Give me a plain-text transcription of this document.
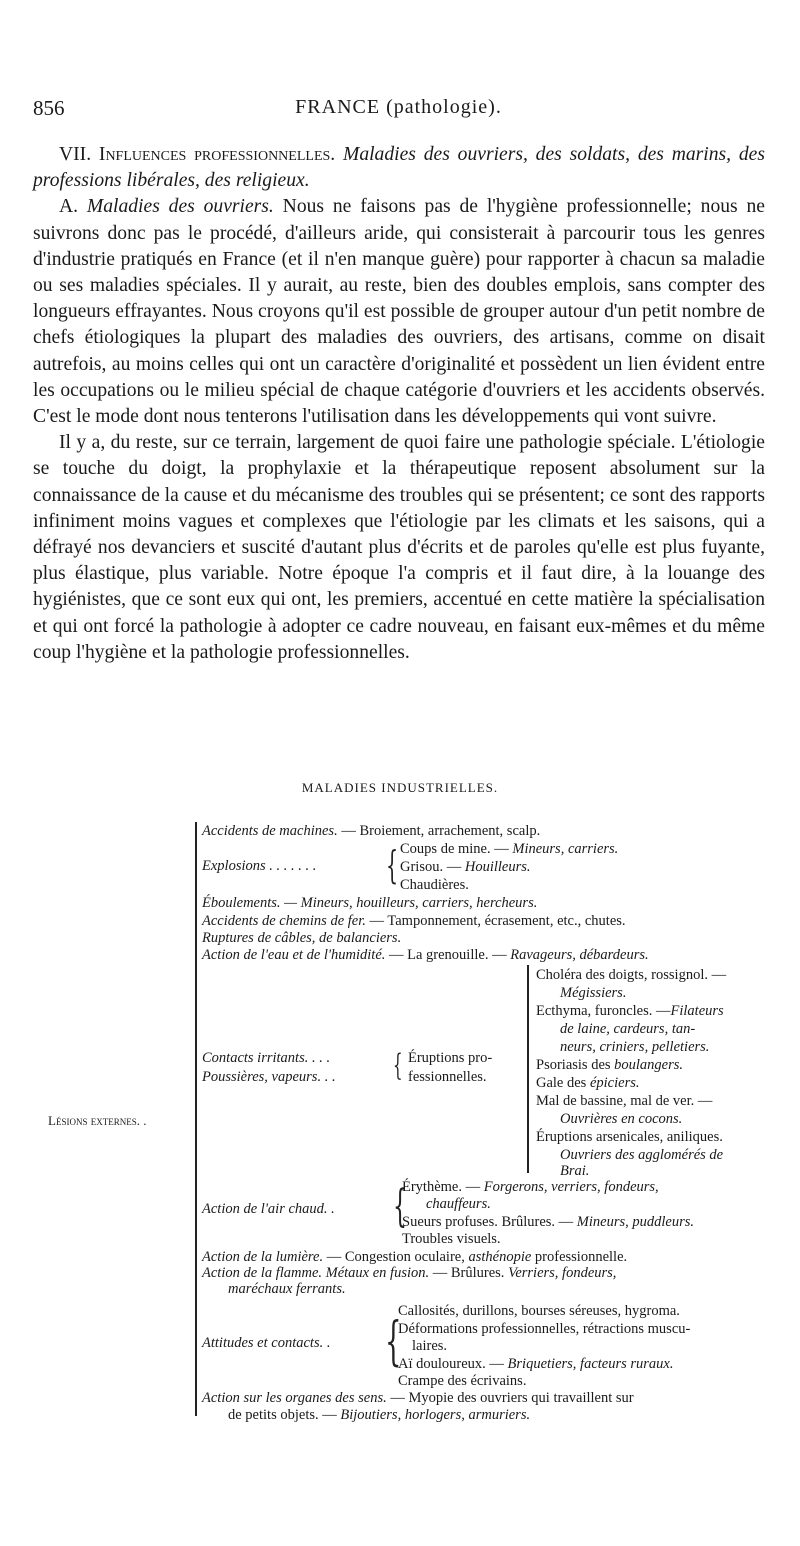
856	FRANCE (pathologie).

VII. Influences professionnelles. Maladies des ouvriers, des soldats, des marins, des professions libérales, des religieux.

A. Maladies des ouvriers. Nous ne faisons pas de l'hygiène professionnelle; nous ne suivrons donc pas le procédé, d'ailleurs aride, qui consisterait à parcourir tous les genres d'industrie pratiqués en France (et il n'en manque guère) pour rapporter à chacun sa maladie ou ses maladies spéciales. Il y aurait, au reste, bien des doubles emplois, sans compter des longueurs effrayantes. Nous croyons qu'il est possible de grouper autour d'un petit nombre de chefs étiologiques la plupart des maladies des ouvriers, des artisans, comme on disait autrefois, au moins celles qui ont un caractère d'originalité et possèdent un lien évident entre les occupations ou le milieu spécial de chaque catégorie d'ouvriers et les accidents observés. C'est le mode dont nous tenterons l'utilisation dans les développements qui vont suivre.

Il y a, du reste, sur ce terrain, largement de quoi faire une pathologie spéciale. L'étiologie se touche du doigt, la prophylaxie et la thérapeutique reposent absolument sur la connaissance de la cause et du mécanisme des troubles qui se présentent; ce sont des rapports infiniment moins vagues et complexes que l'étiologie par les climats et les saisons, qui a défrayé nos devanciers et suscité d'autant plus d'écrits et de paroles qu'elle est plus fuyante, plus élastique, plus variable. Notre époque l'a compris et il faut dire, à la louange des hygiénistes, que ce sont eux qui ont, les premiers, accentué en cette matière la spécialisation et qui ont forcé la pathologie à adopter ce cadre nouveau, en faisant eux-mêmes et du même coup l'hygiène et la pathologie professionnelles.

MALADIES INDUSTRIELLES.
Lésions externes. .
Accidents de machines. — Broiement, arrachement, scalp.
Explosions . . . . . . . { Coups de mine. — Mineurs, carriers.
Grisou. — Houilleurs.
Chaudières.
Éboulements. — Mineurs, houilleurs, carriers, hercheurs.
Accidents de chemins de fer. — Tamponnement, écrasement, etc., chutes.
Ruptures de câbles, de balanciers.
Action de l'eau et de l'humidité. — La grenouille. — Ravageurs, débardeurs.
Contacts irritants. . . .
Poussières, vapeurs. . . { Éruptions pro-
fessionnelles.
Choléra des doigts, rossignol. —
Mégissiers.
Ecthyma, furoncles. —Filateurs
de laine, cardeurs, tan-
neurs, criniers, pelletiers.
Psoriasis des boulangers.
Gale des épiciers.
Mal de bassine, mal de ver. —
Ouvrières en cocons.
Éruptions arsenicales, aniliques.
Ouvriers des agglomérés de
Brai.
Action de l'air chaud. . {
Érythème. — Forgerons, verriers, fondeurs,
chauffeurs.
Sueurs profuses. Brûlures. — Mineurs, puddleurs.
Troubles visuels.
Action de la lumière. — Congestion oculaire, asthénopie professionnelle.
Action de la flamme. Métaux en fusion. — Brûlures. Verriers, fondeurs,
maréchaux ferrants.
Attitudes et contacts. . {
Callosités, durillons, bourses séreuses, hygroma.
Déformations professionnelles, rétractions muscu-
laires.
Aï douloureux. — Briquetiers, facteurs ruraux.
Crampe des écrivains.
Action sur les organes des sens. — Myopie des ouvriers qui travaillent sur
de petits objets. — Bijoutiers, horlogers, armuriers.
